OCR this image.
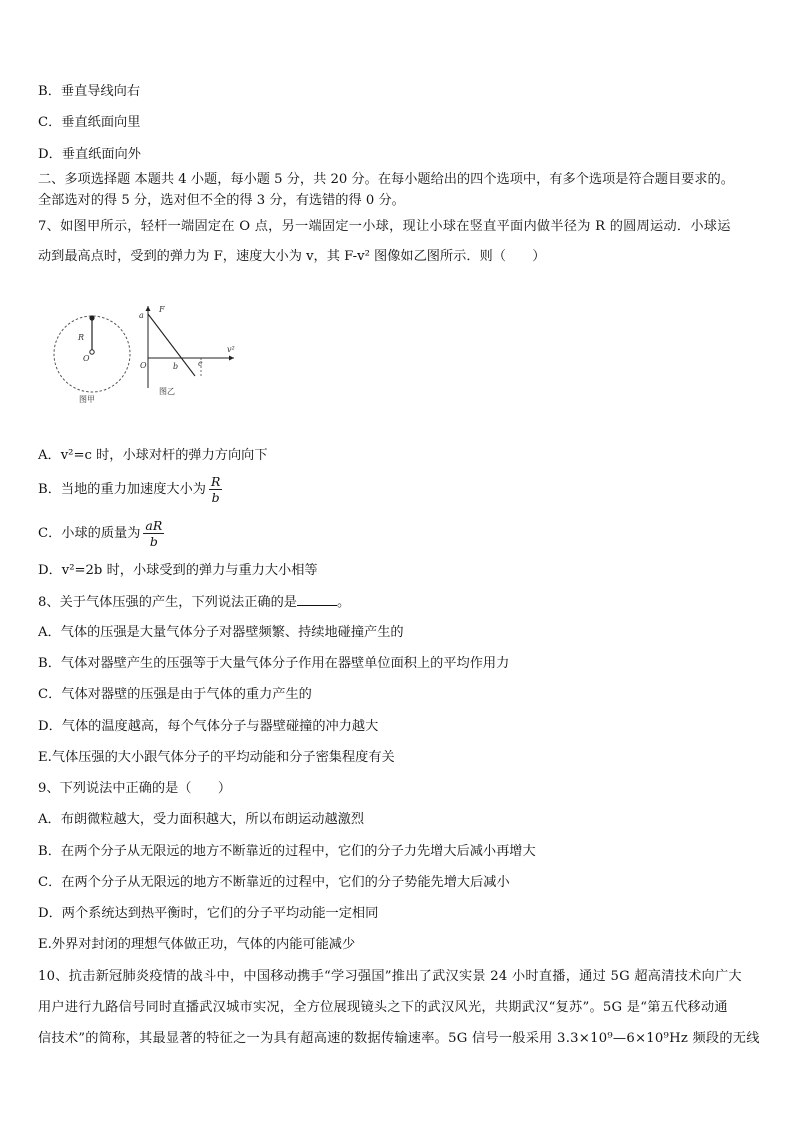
B．垂直导线向右
C．垂直纸面向里
D．垂直纸面向外
二、多项选择题 本题共 4 小题，每小题 5 分，共 20 分。在每小题给出的四个选项中，有多个选项是符合题目要求的。
全部选对的得 5 分，选对但不全的得 3 分，有选错的得 0 分。
7、如图甲所示，轻杆一端固定在 O 点，另一端固定一小球，现让小球在竖直平面内做半径为 R 的圆周运动．小球运
动到最高点时，受到的弹力为 F，速度大小为 v，其 F-v² 图像如乙图所示．则（　　）
R
O
图甲
F
v²
a
O	b c
图乙
A．v²=c 时，小球对杆的弹力方向向下
B．当地的重力加速度大小为 $\frac{R}{b}$
C．小球的质量为 $\frac{aR}{b}$
D．v²=2b 时，小球受到的弹力与重力大小相等
8、关于气体压强的产生，下列说法正确的是	。
A．气体的压强是大量气体分子对器壁频繁、持续地碰撞产生的
B．气体对器壁产生的压强等于大量气体分子作用在器壁单位面积上的平均作用力
C．气体对器壁的压强是由于气体的重力产生的
D．气体的温度越高，每个气体分子与器壁碰撞的冲力越大
E.气体压强的大小跟气体分子的平均动能和分子密集程度有关
9、下列说法中正确的是（　　）
A．布朗微粒越大，受力面积越大，所以布朗运动越激烈
B．在两个分子从无限远的地方不断靠近的过程中，它们的分子力先增大后减小再增大
C．在两个分子从无限远的地方不断靠近的过程中，它们的分子势能先增大后减小
D．两个系统达到热平衡时，它们的分子平均动能一定相同
E.外界对封闭的理想气体做正功，气体的内能可能减少
10、抗击新冠肺炎疫情的战斗中，中国移动携手“学习强国”推出了武汉实景 24 小时直播，通过 5G 超高清技术向广大
用户进行九路信号同时直播武汉城市实况，全方位展现镜头之下的武汉风光，共期武汉“复苏”。5G 是“第五代移动通
信技术”的简称，其最显著的特征之一为具有超高速的数据传输速率。5G 信号一般采用 3.3×10⁹—6×10⁹Hz 频段的无线
